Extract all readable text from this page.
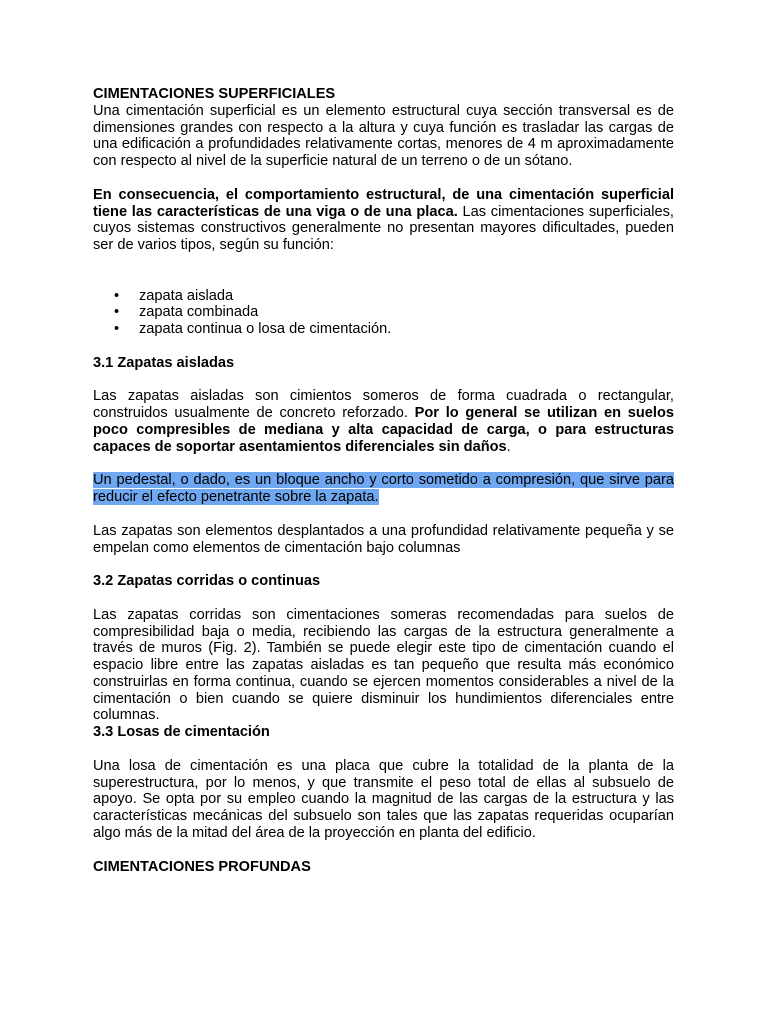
CIMENTACIONES SUPERFICIALES

Una cimentación superficial es un elemento estructural cuya sección transversal es de dimensiones grandes con respecto a la altura y cuya función es trasladar las cargas de una edificación a profundidades relativamente cortas, menores de 4 m aproximadamente con respecto al nivel de la superficie natural de un terreno o de un sótano.

En consecuencia, el comportamiento estructural, de una cimentación superficial tiene las características de una viga o de una placa. Las cimentaciones superficiales, cuyos sistemas constructivos generalmente no presentan mayores dificultades, pueden ser de varios tipos, según su función:

• zapata aislada
• zapata combinada
• zapata continua o losa de cimentación.
3.1 Zapatas aisladas

Las zapatas aisladas son cimientos someros de forma cuadrada o rectangular, construidos usualmente de concreto reforzado. Por lo general se utilizan en suelos poco compresibles de mediana y alta capacidad de carga, o para estructuras capaces de soportar asentamientos diferenciales sin daños.

Un pedestal, o dado, es un bloque ancho y corto sometido a compresión, que sirve para reducir el efecto penetrante sobre la zapata.

Las zapatas son elementos desplantados a una profundidad relativamente pequeña y se empelan como elementos de cimentación bajo columnas

3.2 Zapatas corridas o continuas

Las zapatas corridas son cimentaciones someras recomendadas para suelos de compresibilidad baja o media, recibiendo las cargas de la estructura generalmente a través de muros (Fig. 2). También se puede elegir este tipo de cimentación cuando el espacio libre entre las zapatas aisladas es tan pequeño que resulta más económico construirlas en forma continua, cuando se ejercen momentos considerables a nivel de la cimentación o bien cuando se quiere disminuir los hundimientos diferenciales entre columnas.

3.3 Losas de cimentación

Una losa de cimentación es una placa que cubre la totalidad de la planta de la superestructura, por lo menos, y que transmite el peso total de ellas al subsuelo de apoyo. Se opta por su empleo cuando la magnitud de las cargas de la estructura y las características mecánicas del subsuelo son tales que las zapatas requeridas ocuparían algo más de la mitad del área de la proyección en planta del edificio.

CIMENTACIONES PROFUNDAS
